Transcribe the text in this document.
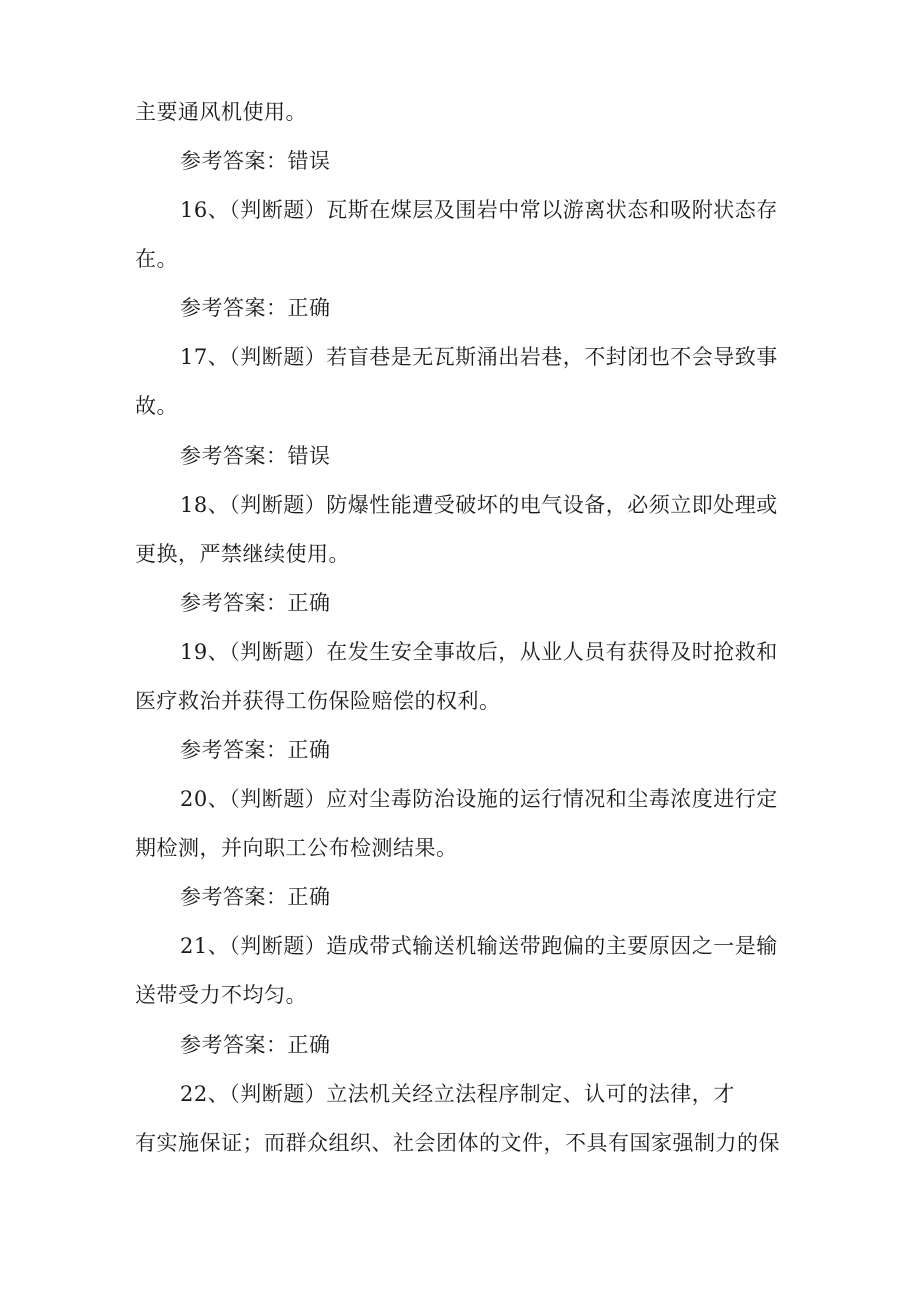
主要通风机使用。
参考答案：错误
16、（判断题）瓦斯在煤层及围岩中常以游离状态和吸附状态存
在。
参考答案：正确
17、（判断题）若盲巷是无瓦斯涌出岩巷，不封闭也不会导致事
故。
参考答案：错误
18、（判断题）防爆性能遭受破坏的电气设备，必须立即处理或
更换，严禁继续使用。
参考答案：正确
19、（判断题）在发生安全事故后，从业人员有获得及时抢救和
医疗救治并获得工伤保险赔偿的权利。
参考答案：正确
20、（判断题）应对尘毒防治设施的运行情况和尘毒浓度进行定
期检测，并向职工公布检测结果。
参考答案：正确
21、（判断题）造成带式输送机输送带跑偏的主要原因之一是输
送带受力不均匀。
参考答案：正确
22、（判断题）立法机关经立法程序制定、认可的法律，才
有实施保证；而群众组织、社会团体的文件，不具有国家强制力的保
